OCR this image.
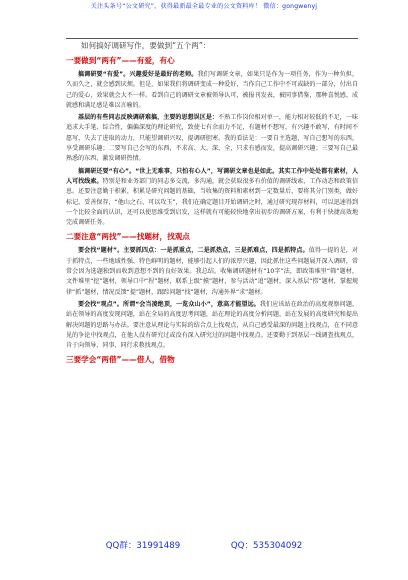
关注头条号“公文研究”，获得最新最全最专业的公文资料库！ 微信：gongwenyj

如何搞好调研写作，要做到“五个两”：

一要做到“两有”——有爱，有心

搞调研要“有爱”。兴趣爱好是最好的老师。我们写调研文章，如果只是作为一项任务，作为一种负担，久而久之，就会感到厌烦。但是，如果我们将调研变成一种爱好，当作自己工作中不可或缺的一部分，付出自己的爱心，效果就会大不一样。看到自己的调研文章被领导认可，被报刊发表，被同事借鉴，那种喜悦感、成就感和满足感是难以言喻的。

基层的有些同志反映调研难搞，主要的思想误区是：不熟工作岗位相对单一，能力相对较低的不足，一味追求大手笔、综合性，偏偏深度的理论研究，致使七有余而力不足，有题材不想写，有兴趣不敢写，有时间不愿写，失去了进取的动力，只能望调研兴叹，提调研胆寒。我的看法是：一要自主选题，写自己想写的东西，享受调研乐趣；二要写自己会写的东西，不求高、大、深、全，只求有感而发，提高调研兴趣；三要写自己最熟悉的东西，激发调研热情。

搞调研还要“有心”。“世上无难事，只怕有心人”，写调研文章也是如此。其实工作中处处都有素材，人人可找线索。特别是和业务部门的同志多交流，多沟通，就会获取很多有价值的调研线索、工作动态和政策信息。还要注意勤于积累，积累是研究问题的基础，当收集的资料和素材到一定数量后，要将其分门别类，做好标记，妥善保存，“他山之石，可以攻玉”，我们在确定题目开始调研之时，通过研究现存材料，可以迅速得到一个比较全面的认识，还可以使思维受到启发，这样就有可能较快地拿出初步的调研方案，有利于快捷高效地完成调研任务。

二要注意“两找”——找题材，找观点

要会找“题材”。主要抓四点：一是抓重点，二是抓热点，三是抓难点，四是抓特点。值得一提的是，对于抓特点，一些地域性强、特色鲜明的题材，能够引起人们的浓厚兴趣，因此抓住这些问题展开深入调研，常常会因为选题独到而收到意想不到的良好效果。我总结，收集调研题材有“10字”法，即政策堆里“筛”题材，文件堆里“挖”题材，领导口中“捏”题材，联系上级“摸”题材，参与活动“追”题材，深入基层“捞”题材，掌握规律“抓”题材，情况反馈“提”题材，跟踪问题“找”题材，沟通外界“求”题材。

要会找“观点”。所谓“会当凌绝顶，一览众山小”，意高才能望远。我们应该站在政治的高度观察问题，站在领导的高度发现问题，站在全局的高度思考问题，站在理论的高度分析问题，站在发展的高度研究和提出解决问题的思路与办法。要注意从理论与实际的结合点上找观点，从自己感受最深的问题上找观点，在不同意见的争论中找观点，在他人没有研究过或没有深入研究过的问题中找观点。还要勤于到基层一线调查找观点，肯于向领导、同事、同行求教找观点。

三要学会“两借”——借人，借物
QQ群：31991489	QQ：535304092
